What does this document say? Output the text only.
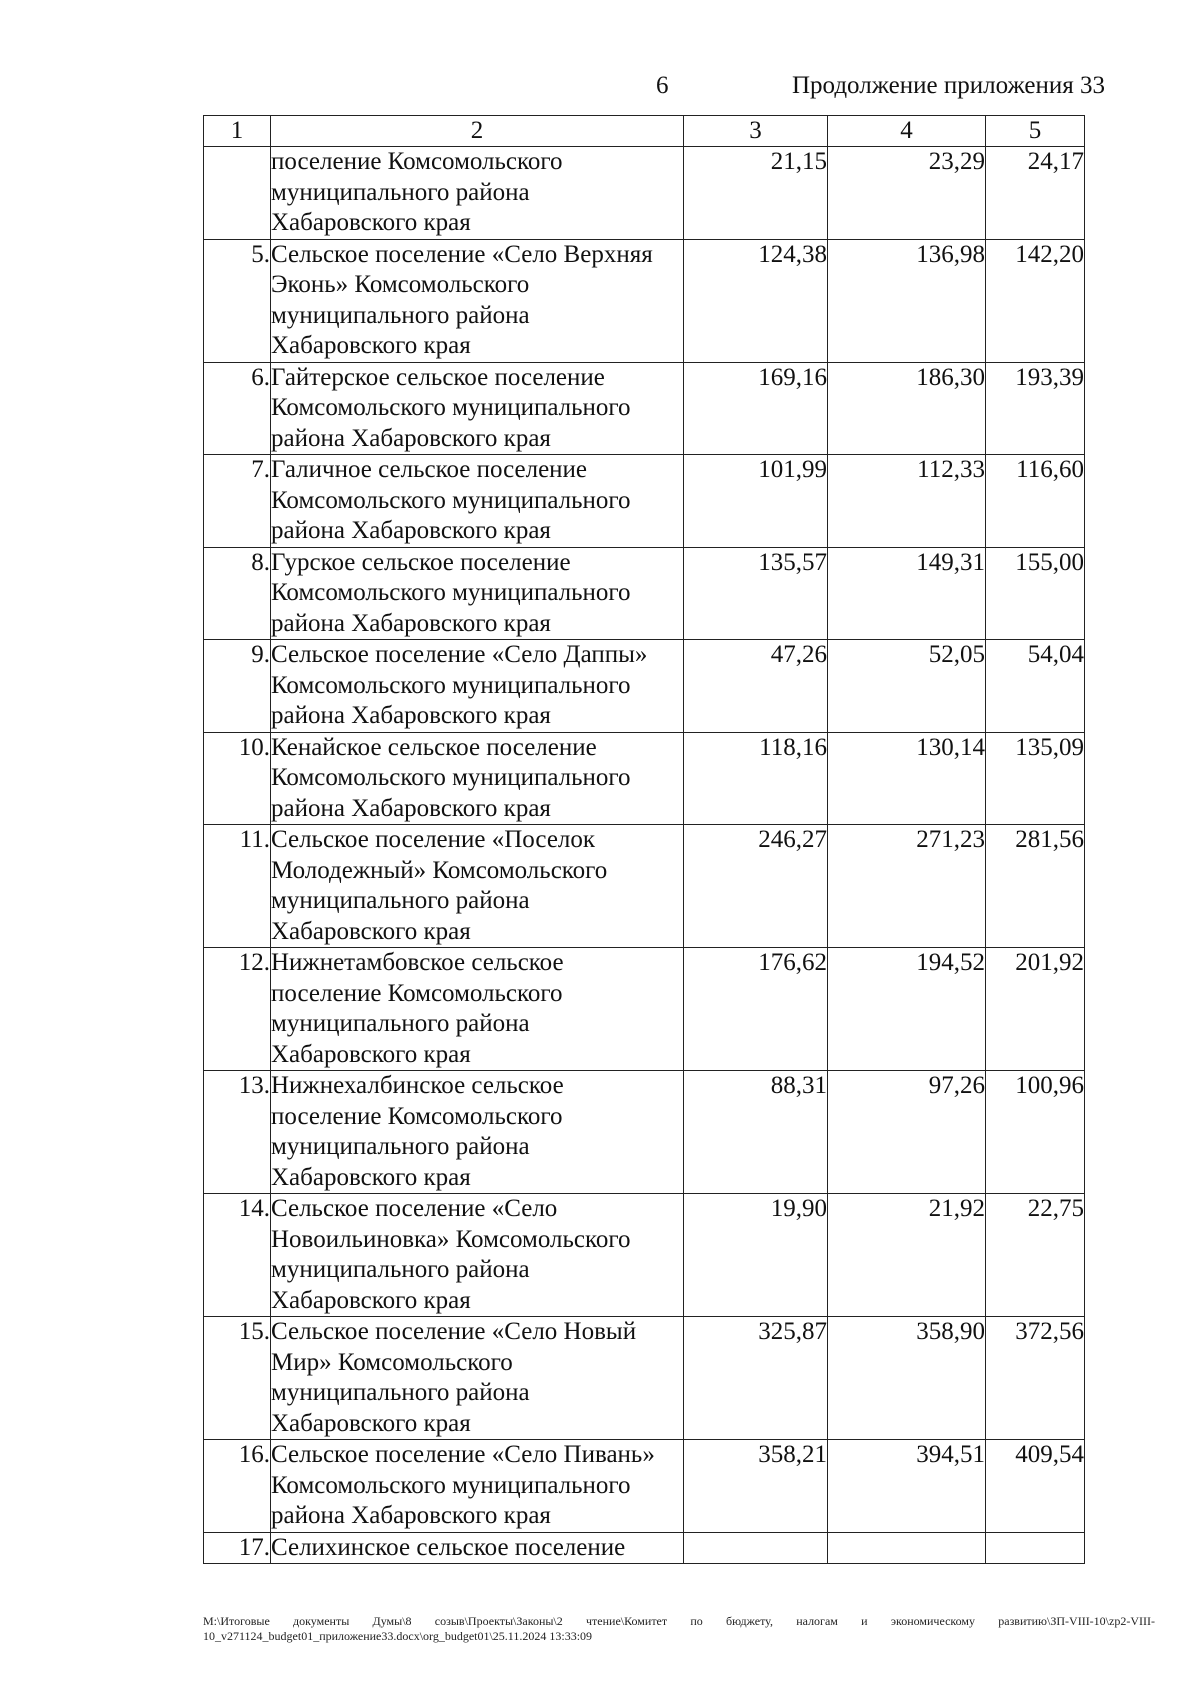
6	Продолжение приложения 33
1	2	3	4	5

	поселение Комсомольского
муниципального района
Хабаровского края	21,15	23,29	24,17
5.	Сельское поселение «Село Верхняя
Эконь» Комсомольского
муниципального района
Хабаровского края	124,38	136,98	142,20
6.	Гайтерское сельское поселение
Комсомольского муниципального
района Хабаровского края	169,16	186,30	193,39
7.	Галичное сельское поселение
Комсомольского муниципального
района Хабаровского края	101,99	112,33	116,60
8.	Гурское сельское поселение
Комсомольского муниципального
района Хабаровского края	135,57	149,31	155,00
9.	Сельское поселение «Село Даппы»
Комсомольского муниципального
района Хабаровского края	47,26	52,05	54,04
10.	Кенайское сельское поселение
Комсомольского муниципального
района Хабаровского края	118,16	130,14	135,09
11.	Сельское поселение «Поселок
Молодежный» Комсомольского
муниципального района
Хабаровского края	246,27	271,23	281,56
12.	Нижнетамбовское сельское
поселение Комсомольского
муниципального района
Хабаровского края	176,62	194,52	201,92
13.	Нижнехалбинское сельское
поселение Комсомольского
муниципального района
Хабаровского края	88,31	97,26	100,96
14.	Сельское поселение «Село
Новоильиновка» Комсомольского
муниципального района
Хабаровского края	19,90	21,92	22,75
15.	Сельское поселение «Село Новый
Мир» Комсомольского
муниципального района
Хабаровского края	325,87	358,90	372,56
16.	Сельское поселение «Село Пивань»
Комсомольского муниципального
района Хабаровского края	358,21	394,51	409,54
17.	Селихинское сельское поселение			

M:\Итоговые документы Думы\8 созыв\Проекты\Законы\2 чтение\Комитет по бюджету, налогам и экономическому развитию\ЗП-VIII-10\zp2-VIII-10_v271124_budget01_приложение33.docx\org_budget01\25.11.2024 13:33:09
